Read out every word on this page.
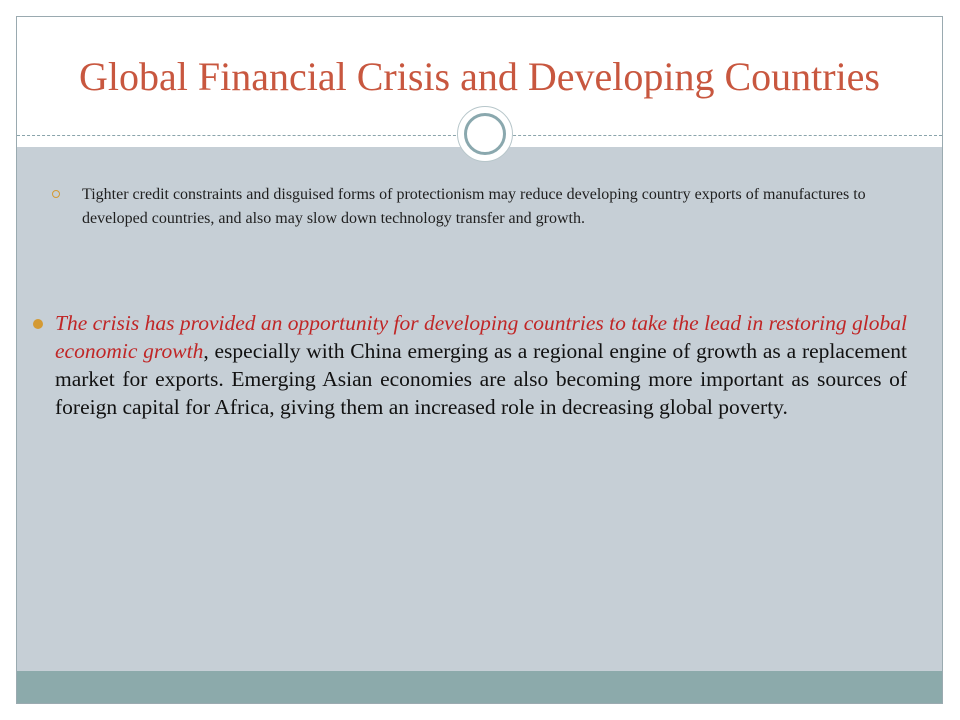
Global Financial Crisis and Developing Countries
Tighter credit constraints and disguised forms of protectionism may reduce developing country exports of manufactures to developed countries, and also may slow down technology transfer and growth.
The crisis has provided an opportunity for developing countries to take the lead in restoring global economic growth, especially with China emerging as a regional engine of growth as a replacement market for exports. Emerging Asian economies are also becoming more important as sources of foreign capital for Africa, giving them an increased role in decreasing global poverty.
